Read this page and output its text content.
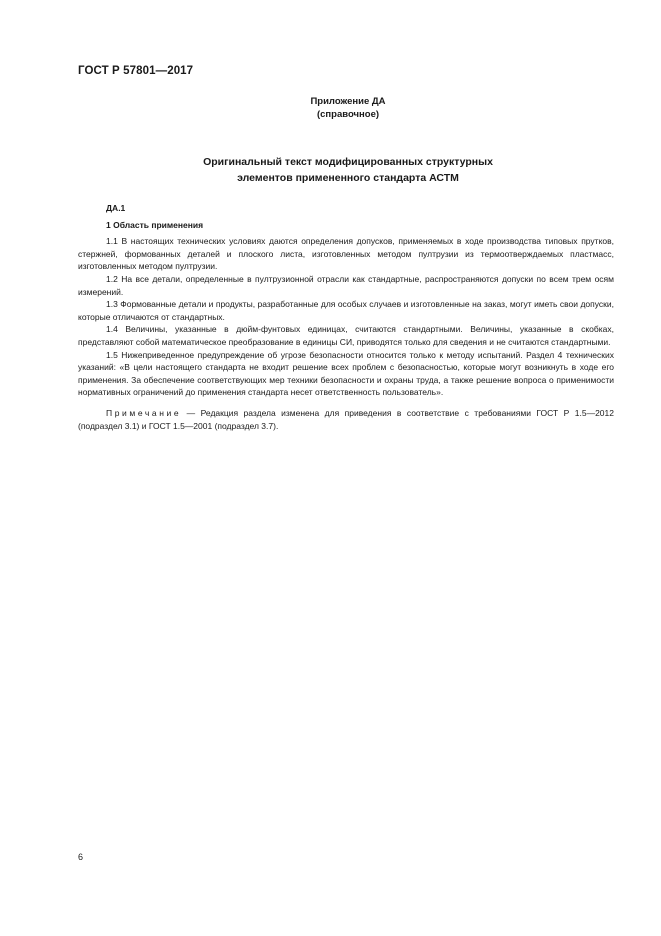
ГОСТ Р 57801—2017
Приложение ДА
(справочное)
Оригинальный текст модифицированных структурных
элементов примененного стандарта АСТМ
ДА.1
1 Область применения

1.1 В настоящих технических условиях даются определения допусков, применяемых в ходе производства типовых прутков, стержней, формованных деталей и плоского листа, изготовленных методом пултрузии из термоотверждаемых пластмасс, изготовленных методом пултрузии.

1.2 На все детали, определенные в пултрузионной отрасли как стандартные, распространяются допуски по всем трем осям измерений.

1.3 Формованные детали и продукты, разработанные для особых случаев и изготовленные на заказ, могут иметь свои допуски, которые отличаются от стандартных.

1.4 Величины, указанные в дюйм-фунтовых единицах, считаются стандартными. Величины, указанные в скобках, представляют собой математическое преобразование в единицы СИ, приводятся только для сведения и не считаются стандартными.

1.5 Нижеприведенное предупреждение об угрозе безопасности относится только к методу испытаний. Раздел 4 технических указаний: «В цели настоящего стандарта не входит решение всех проблем с безопасностью, которые могут возникнуть в ходе его применения. За обеспечение соответствующих мер техники безопасности и охраны труда, а также решение вопроса о применимости нормативных ограничений до применения стандарта несет ответственность пользователь».

Примечание — Редакция раздела изменена для приведения в соответствие с требованиями ГОСТ Р 1.5—2012 (подраздел 3.1) и ГОСТ 1.5—2001 (подраздел 3.7).

6
